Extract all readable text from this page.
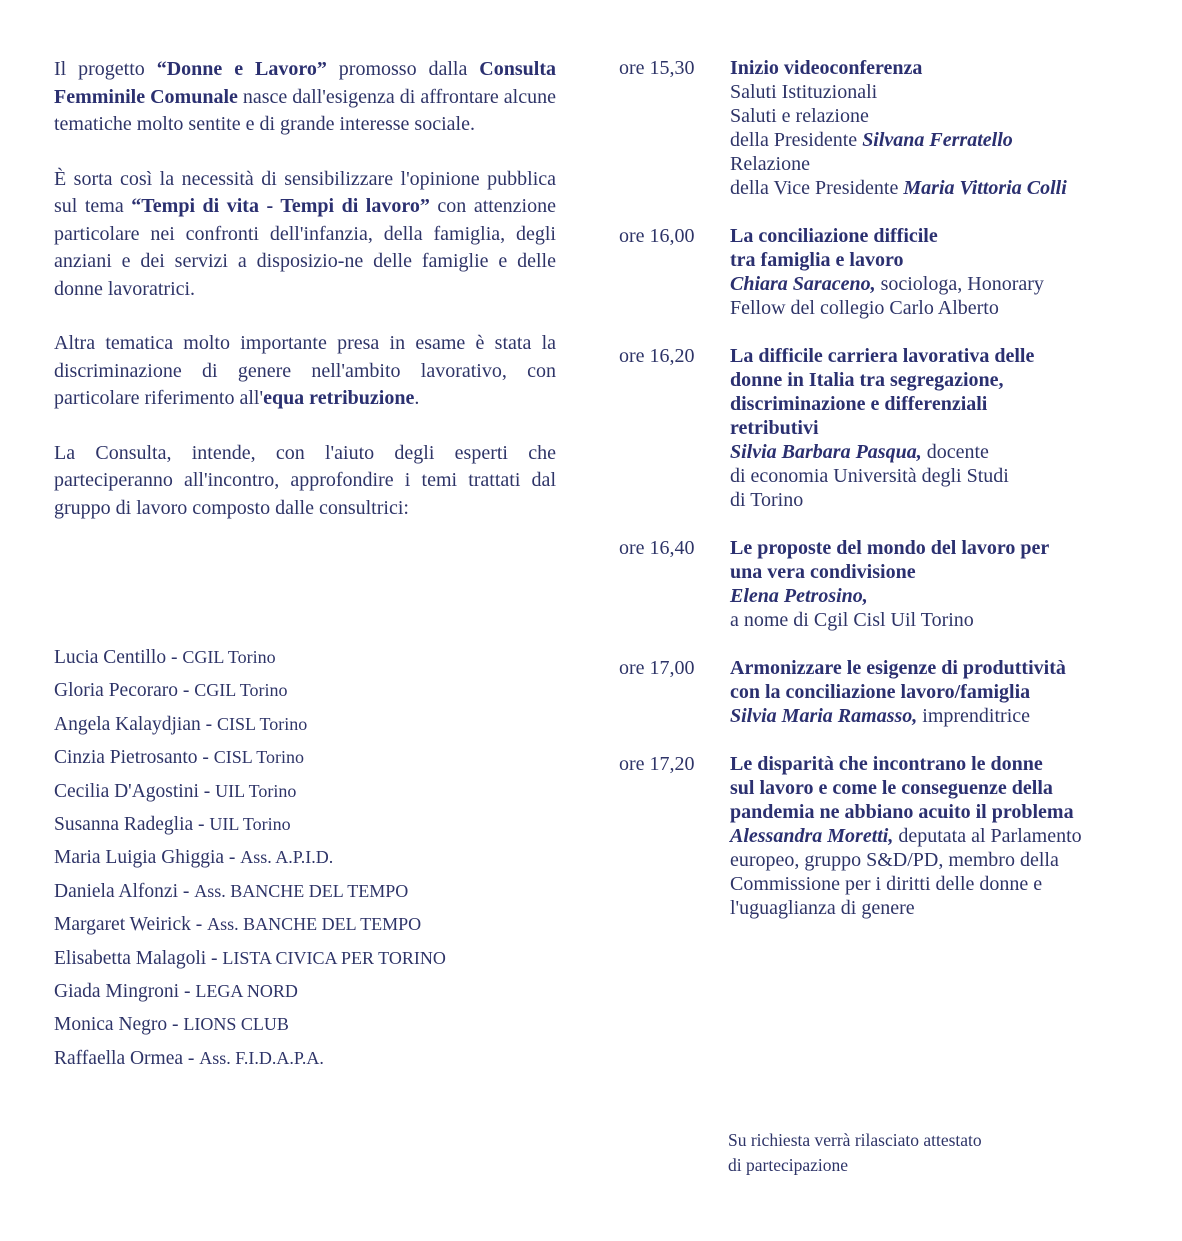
Il progetto “Donne e Lavoro” promosso dalla Consulta Femminile Comunale nasce dall'esigenza di affrontare alcune tematiche molto sentite e di grande interesse sociale.

È sorta così la necessità di sensibilizzare l'opinione pubblica sul tema “Tempi di vita - Tempi di lavoro” con attenzione particolare nei confronti dell'infanzia, della famiglia, degli anziani e dei servizi a disposizio-ne delle famiglie e delle donne lavoratrici.

Altra tematica molto importante presa in esame è stata la discriminazione di genere nell'ambito lavorativo, con particolare riferimento all'equa retribuzione.

La Consulta, intende, con l'aiuto degli esperti che parteciperanno all'incontro, approfondire i temi trattati dal gruppo di lavoro composto dalle consultrici:

Lucia Centillo - CGIL Torino
Gloria Pecoraro - CGIL Torino
Angela Kalaydjian - CISL Torino
Cinzia Pietrosanto - CISL Torino
Cecilia D'Agostini - UIL Torino
Susanna Radeglia - UIL Torino
Maria Luigia Ghiggia - Ass. A.P.I.D.
Daniela Alfonzi - Ass. BANCHE DEL TEMPO
Margaret Weirick - Ass. BANCHE DEL TEMPO
Elisabetta Malagoli - LISTA CIVICA PER TORINO
Giada Mingroni - LEGA NORD
Monica Negro - LIONS CLUB
Raffaella Ormea - Ass. F.I.D.A.P.A.
ore 15,30	Inizio videoconferenza
Saluti Istituzionali
Saluti e relazione
della Presidente Silvana Ferratello
Relazione
della Vice Presidente Maria Vittoria Colli
ore 16,00	La conciliazione difficile
tra famiglia e lavoro
Chiara Saraceno, sociologa, Honorary
Fellow del collegio Carlo Alberto
ore 16,20	La difficile carriera lavorativa delle
donne in Italia tra segregazione,
discriminazione e differenziali
retributivi
Silvia Barbara Pasqua, docente
di economia Università degli Studi
di Torino
ore 16,40	Le proposte del mondo del lavoro per
una vera condivisione
Elena Petrosino,
a nome di Cgil Cisl Uil Torino
ore 17,00	Armonizzare le esigenze di produttività
con la conciliazione lavoro/famiglia
Silvia Maria Ramasso, imprenditrice
ore 17,20	Le disparità che incontrano le donne
sul lavoro e come le conseguenze della
pandemia ne abbiano acuito il problema
Alessandra Moretti, deputata al Parlamento
europeo, gruppo S&D/PD, membro della
Commissione per i diritti delle donne e
l'uguaglianza di genere
Su richiesta verrà rilasciato attestato
di partecipazione
